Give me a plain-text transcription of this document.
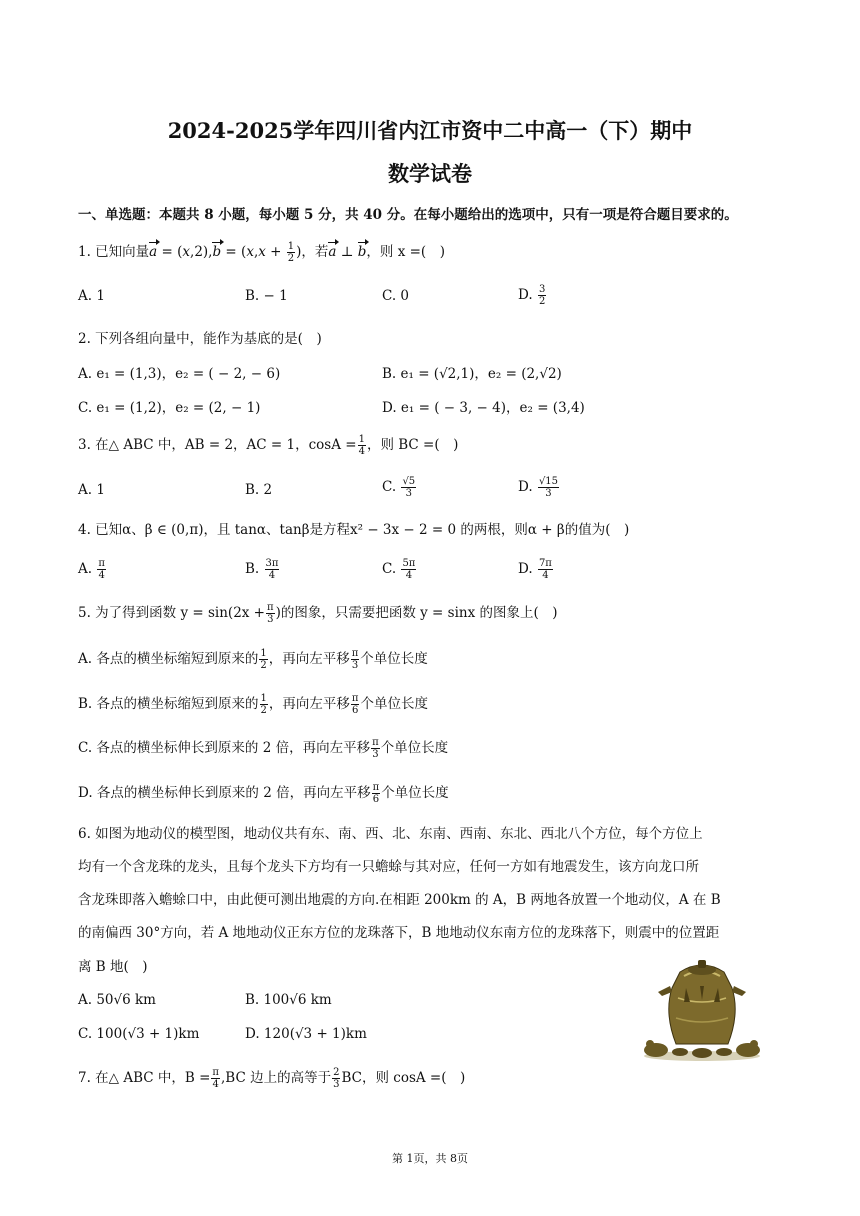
2024-2025学年四川省内江市资中二中高一（下）期中
数学试卷
一、单选题：本题共 8 小题，每小题 5 分，共 40 分。在每小题给出的选项中，只有一项是符合题目要求的。
1. 已知向量$a = (x,2),b = (x,x + \frac{1}{2}$ )，若a ⊥ b，则 x =(　)
A. 1	B. − 1	C. 0	D. $\frac{3}{2}$
2. 下列各组向量中，能作为基底的是(　)
A. e₁ = (1,3)，e₂ = ( − 2, − 6)	B. e₁ = (√2,1)，e₂ = (2,√2)
C. e₁ = (1,2)，e₂ = (2, − 1)	D. e₁ = ( − 3, − 4)，e₂ = (3,4)
3. 在△ ABC 中，AB = 2，AC = 1，$\cos A = \frac{1}{4}$ ，则 BC =(　)
A. 1	B. 2	C. $\frac{√5}{3}$	D. $\frac{√15}{3}$
4. 已知α、β ∈ (0,π)，且 tanα、tanβ是方程x² − 3x − 2 = 0 的两根，则α + β的值为(　)
A. $\frac{\pi}{4}$	B. $\frac{3\pi}{4}$	C. $\frac{5\pi}{4}$	D. $\frac{7\pi}{4}$
5. 为了得到函数 $y = \sin(2x + \frac{\pi}{3}$ )的图象，只需要把函数 y = sinx 的图象上(　)
A. 各点的横坐标缩短到原来的 $\frac{1}{2}$ ，再向左平移 $\frac{\pi}{3}$ 个单位长度
B. 各点的横坐标缩短到原来的 $\frac{1}{2}$ ，再向左平移 $\frac{\pi}{6}$ 个单位长度
C. 各点的横坐标伸长到原来的 2 倍，再向左平移 $\frac{\pi}{3}$ 个单位长度
D. 各点的横坐标伸长到原来的 2 倍，再向左平移 $\frac{\pi}{6}$ 个单位长度
6. 如图为地动仪的模型图，地动仪共有东、南、西、北、东南、西南、东北、西北八个方位，每个方位上
均有一个含龙珠的龙头，且每个龙头下方均有一只蟾蜍与其对应，任何一方如有地震发生，该方向龙口所
含龙珠即落入蟾蜍口中，由此便可测出地震的方向.在相距 200km 的 A，B 两地各放置一个地动仪，A 在 B
的南偏西 30°方向，若 A 地地动仪正东方位的龙珠落下，B 地地动仪东南方位的龙珠落下，则震中的位置距
离 B 地(　)
A. 50√6 km	B. 100√6 km
C. 100(√3 + 1)km	D. 120(√3 + 1)km
7. 在△ ABC 中，$B = \frac{\pi}{4} ,BC$ 边上的高等于 $\frac{2}{3}$ BC，则 cosA =(　)
第 1页，共 8页
